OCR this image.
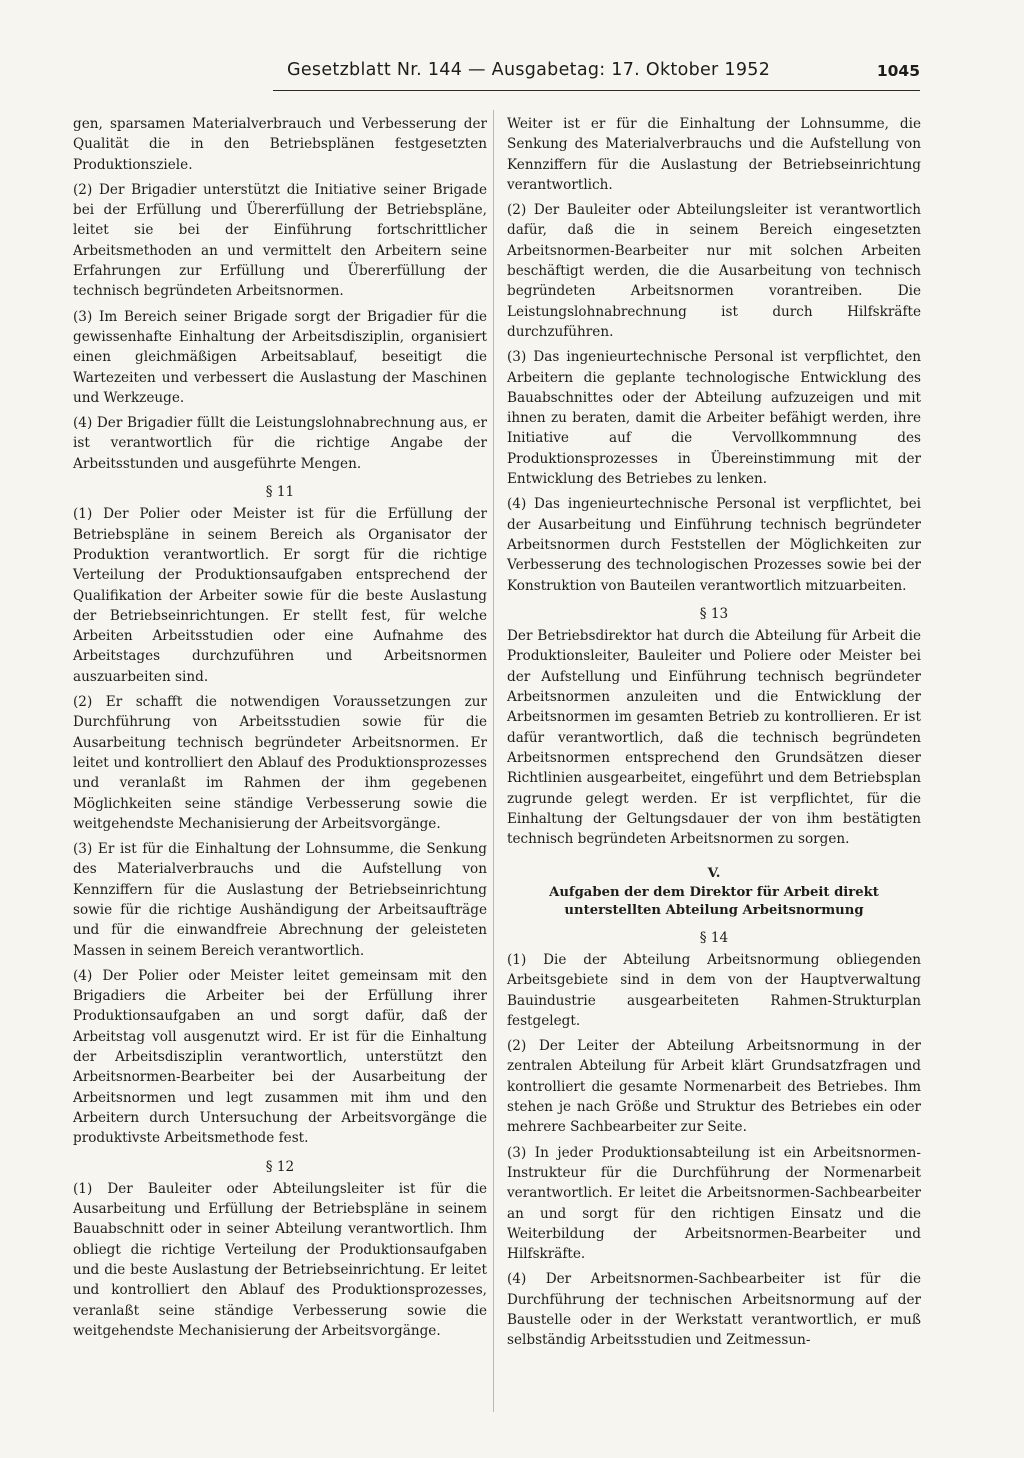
Gesetzblatt Nr. 144 — Ausgabetag: 17. Oktober 1952	1045

gen, sparsamen Materialverbrauch und Verbesserung der Qualität die in den Betriebsplänen festgesetzten Produktionsziele.

(2) Der Brigadier unterstützt die Initiative seiner Brigade bei der Erfüllung und Übererfüllung der Betriebspläne, leitet sie bei der Einführung fortschrittlicher Arbeitsmethoden an und vermittelt den Arbeitern seine Erfahrungen zur Erfüllung und Übererfüllung der technisch begründeten Arbeitsnormen.

(3) Im Bereich seiner Brigade sorgt der Brigadier für die gewissenhafte Einhaltung der Arbeitsdisziplin, organisiert einen gleichmäßigen Arbeitsablauf, beseitigt die Wartezeiten und verbessert die Auslastung der Maschinen und Werkzeuge.

(4) Der Brigadier füllt die Leistungslohnabrechnung aus, er ist verantwortlich für die richtige Angabe der Arbeitsstunden und ausgeführte Mengen.

§ 11

(1) Der Polier oder Meister ist für die Erfüllung der Betriebspläne in seinem Bereich als Organisator der Produktion verantwortlich. Er sorgt für die richtige Verteilung der Produktionsaufgaben entsprechend der Qualifikation der Arbeiter sowie für die beste Auslastung der Betriebseinrichtungen. Er stellt fest, für welche Arbeiten Arbeitsstudien oder eine Aufnahme des Arbeitstages durchzuführen und Arbeitsnormen auszuarbeiten sind.

(2) Er schafft die notwendigen Voraussetzungen zur Durchführung von Arbeitsstudien sowie für die Ausarbeitung technisch begründeter Arbeitsnormen. Er leitet und kontrolliert den Ablauf des Produktionsprozesses und veranlaßt im Rahmen der ihm gegebenen Möglichkeiten seine ständige Verbesserung sowie die weitgehendste Mechanisierung der Arbeitsvorgänge.

(3) Er ist für die Einhaltung der Lohnsumme, die Senkung des Materialverbrauchs und die Aufstellung von Kennziffern für die Auslastung der Betriebseinrichtung sowie für die richtige Aushändigung der Arbeitsaufträge und für die einwandfreie Abrechnung der geleisteten Massen in seinem Bereich verantwortlich.

(4) Der Polier oder Meister leitet gemeinsam mit den Brigadiers die Arbeiter bei der Erfüllung ihrer Produktionsaufgaben an und sorgt dafür, daß der Arbeitstag voll ausgenutzt wird. Er ist für die Einhaltung der Arbeitsdisziplin verantwortlich, unterstützt den Arbeitsnormen-Bearbeiter bei der Ausarbeitung der Arbeitsnormen und legt zusammen mit ihm und den Arbeitern durch Untersuchung der Arbeitsvorgänge die produktivste Arbeitsmethode fest.

§ 12

(1) Der Bauleiter oder Abteilungsleiter ist für die Ausarbeitung und Erfüllung der Betriebspläne in seinem Bauabschnitt oder in seiner Abteilung verantwortlich. Ihm obliegt die richtige Verteilung der Produktionsaufgaben und die beste Auslastung der Betriebseinrichtung. Er leitet und kontrolliert den Ablauf des Produktionsprozesses, veranlaßt seine ständige Verbesserung sowie die weitgehendste Mechanisierung der Arbeitsvorgänge.

Weiter ist er für die Einhaltung der Lohnsumme, die Senkung des Materialverbrauchs und die Aufstellung von Kennziffern für die Auslastung der Betriebseinrichtung verantwortlich.

(2) Der Bauleiter oder Abteilungsleiter ist verantwortlich dafür, daß die in seinem Bereich eingesetzten Arbeitsnormen-Bearbeiter nur mit solchen Arbeiten beschäftigt werden, die die Ausarbeitung von technisch begründeten Arbeitsnormen vorantreiben. Die Leistungslohnabrechnung ist durch Hilfskräfte durchzuführen.

(3) Das ingenieurtechnische Personal ist verpflichtet, den Arbeitern die geplante technologische Entwicklung des Bauabschnittes oder der Abteilung aufzuzeigen und mit ihnen zu beraten, damit die Arbeiter befähigt werden, ihre Initiative auf die Vervollkommnung des Produktionsprozesses in Übereinstimmung mit der Entwicklung des Betriebes zu lenken.

(4) Das ingenieurtechnische Personal ist verpflichtet, bei der Ausarbeitung und Einführung technisch begründeter Arbeitsnormen durch Feststellen der Möglichkeiten zur Verbesserung des technologischen Prozesses sowie bei der Konstruktion von Bauteilen verantwortlich mitzuarbeiten.

§ 13

Der Betriebsdirektor hat durch die Abteilung für Arbeit die Produktionsleiter, Bauleiter und Poliere oder Meister bei der Aufstellung und Einführung technisch begründeter Arbeitsnormen anzuleiten und die Entwicklung der Arbeitsnormen im gesamten Betrieb zu kontrollieren. Er ist dafür verantwortlich, daß die technisch begründeten Arbeitsnormen entsprechend den Grundsätzen dieser Richtlinien ausgearbeitet, eingeführt und dem Betriebsplan zugrunde gelegt werden. Er ist verpflichtet, für die Einhaltung der Geltungsdauer der von ihm bestätigten technisch begründeten Arbeitsnormen zu sorgen.

V.
Aufgaben der dem Direktor für Arbeit direkt unterstellten Abteilung Arbeitsnormung
§ 14

(1) Die der Abteilung Arbeitsnormung obliegenden Arbeitsgebiete sind in dem von der Hauptverwaltung Bauindustrie ausgearbeiteten Rahmen-Strukturplan festgelegt.

(2) Der Leiter der Abteilung Arbeitsnormung in der zentralen Abteilung für Arbeit klärt Grundsatzfragen und kontrolliert die gesamte Normenarbeit des Betriebes. Ihm stehen je nach Größe und Struktur des Betriebes ein oder mehrere Sachbearbeiter zur Seite.

(3) In jeder Produktionsabteilung ist ein Arbeitsnormen-Instrukteur für die Durchführung der Normenarbeit verantwortlich. Er leitet die Arbeitsnormen-Sachbearbeiter an und sorgt für den richtigen Einsatz und die Weiterbildung der Arbeitsnormen-Bearbeiter und Hilfskräfte.

(4) Der Arbeitsnormen-Sachbearbeiter ist für die Durchführung der technischen Arbeitsnormung auf der Baustelle oder in der Werkstatt verantwortlich, er muß selbständig Arbeitsstudien und Zeitmessun-
